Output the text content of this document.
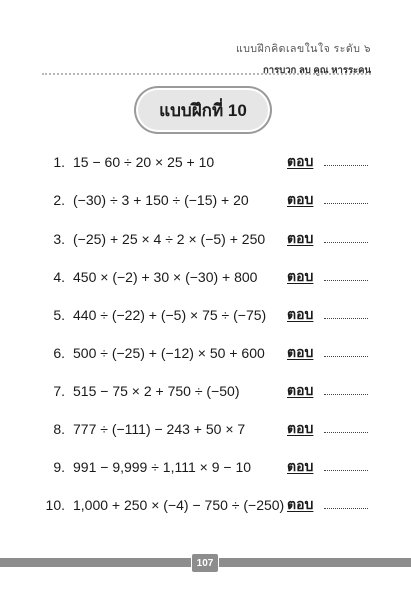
แบบฝึกคิดเลขในใจ ระดับ ๖
การบวก ลบ คูณ หารระคน
แบบฝึกที่ 10
1. 15 − 60 ÷ 20 × 25 + 10	ตอบ
2. (−30) ÷ 3 + 150 ÷ (−15) + 20	ตอบ
3. (−25) + 25 × 4 ÷ 2 × (−5) + 250 ตอบ
4. 450 × (−2) + 30 × (−30) + 800 ตอบ
5. 440 ÷ (−22) + (−5) × 75 ÷ (−75) ตอบ
6. 500 ÷ (−25) + (−12) × 50 + 600 ตอบ
7. 515 − 75 × 2 + 750 ÷ (−50)	ตอบ
8. 777 ÷ (−111) − 243 + 50 × 7	ตอบ
9. 991 − 9,999 ÷ 1,111 × 9 − 10	ตอบ
10. 1,000 + 250 × (−4) − 750 ÷ (−250) ตอบ
107
